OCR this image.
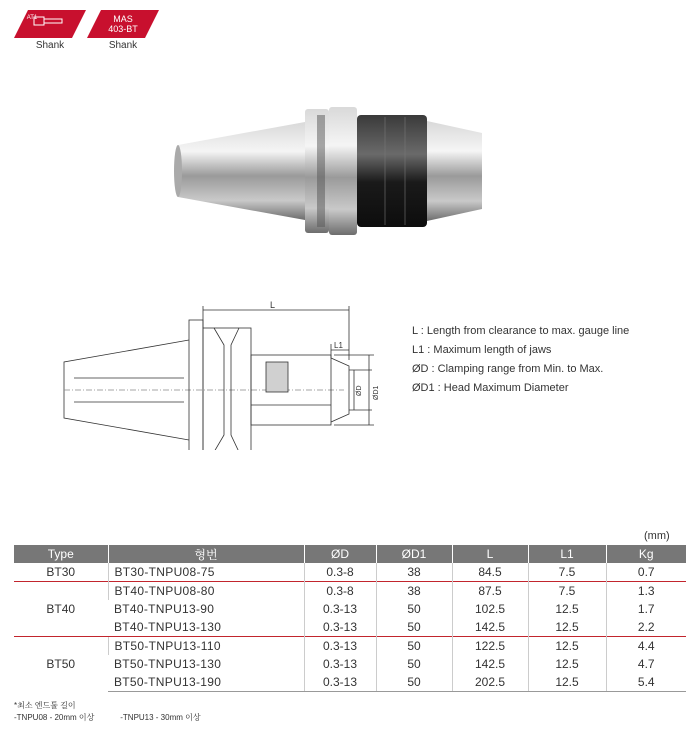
AT1
Shank
MAS
403-BT
Shank
L
L1
ØD ØD1
L : Length from clearance to max. gauge line
L1 : Maximum length of jaws
ØD : Clamping range from Min. to Max.
ØD1 : Head Maximum Diameter
(mm)
Type	형번	ØD	ØD1	L	L1	Kg
BT30	BT30-TNPU08-75	0.3-8	38	84.5	7.5	0.7
BT40	BT40-TNPU08-80	0.3-8	38	87.5	7.5	1.3
	BT40-TNPU13-90	0.3-13	50	102.5	12.5	1.7
	BT40-TNPU13-130	0.3-13	50	142.5	12.5	2.2
BT50	BT50-TNPU13-110	0.3-13	50	122.5	12.5	4.4
	BT50-TNPU13-130	0.3-13	50	142.5	12.5	4.7
	BT50-TNPU13-190	0.3-13	50	202.5	12.5	5.4
*최소 엔드툴 길이
-TNPU08 - 20mm 이상	-TNPU13 - 30mm 이상
